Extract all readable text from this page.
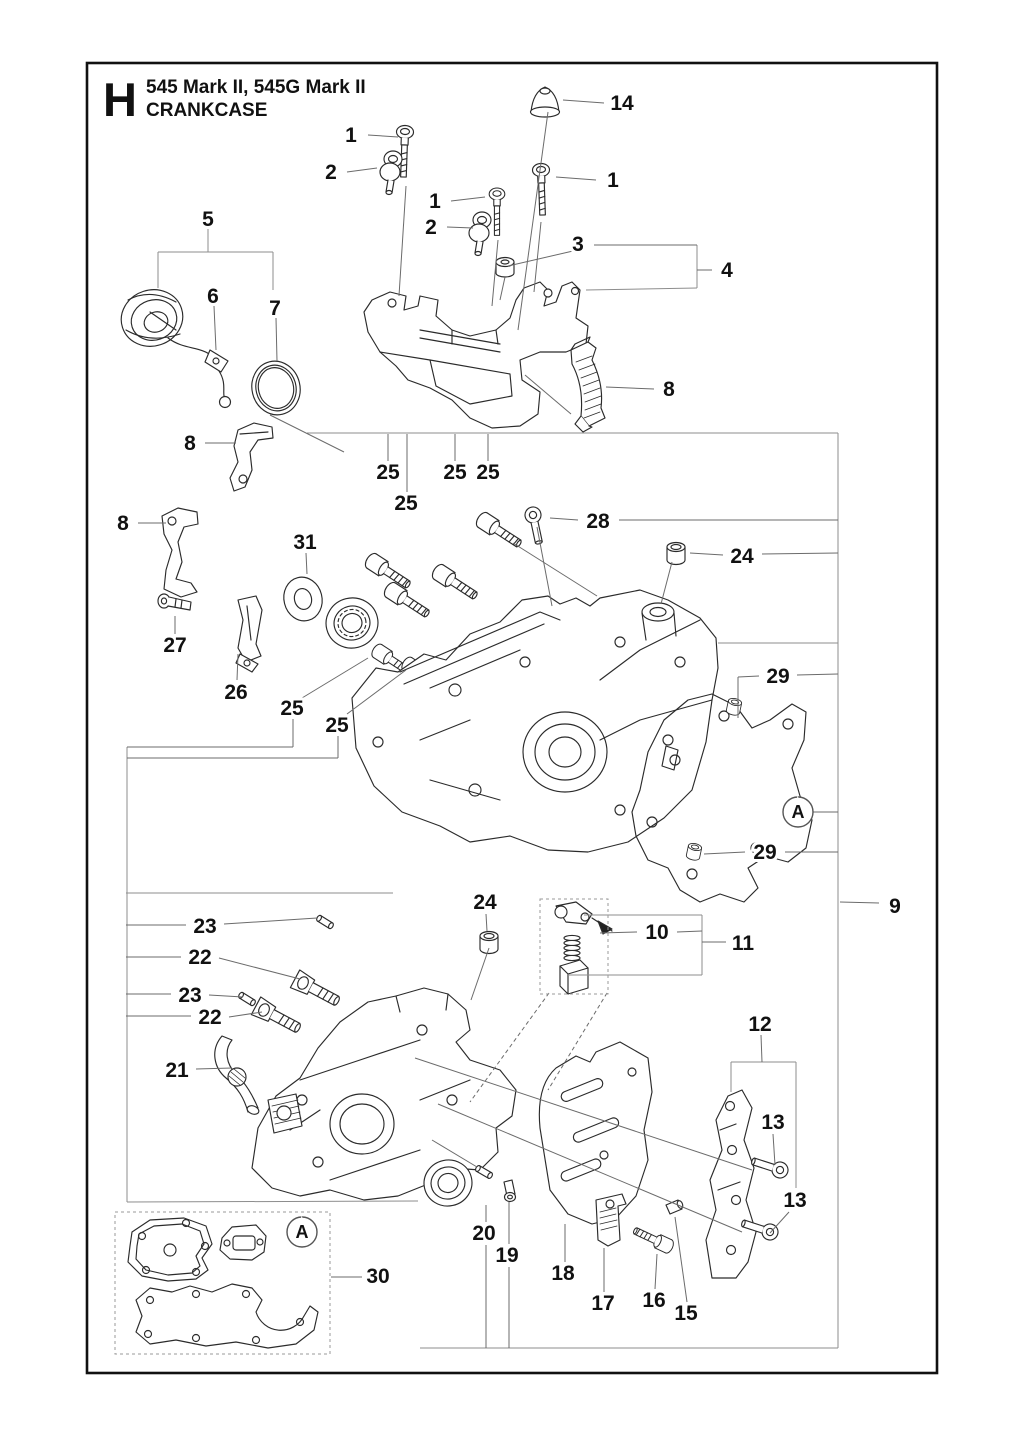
H 545 Mark II, 545G Mark II
CRANKCASE
1
2
14
1
1
2
3
4
5
6
7
8
8
8
27
26
31
25 25 25
25
25
25
28
24
29
29
9
24
10	11
12
13
13
23
22
23
22
21
20
19
18
17 16
15
30
A
A
